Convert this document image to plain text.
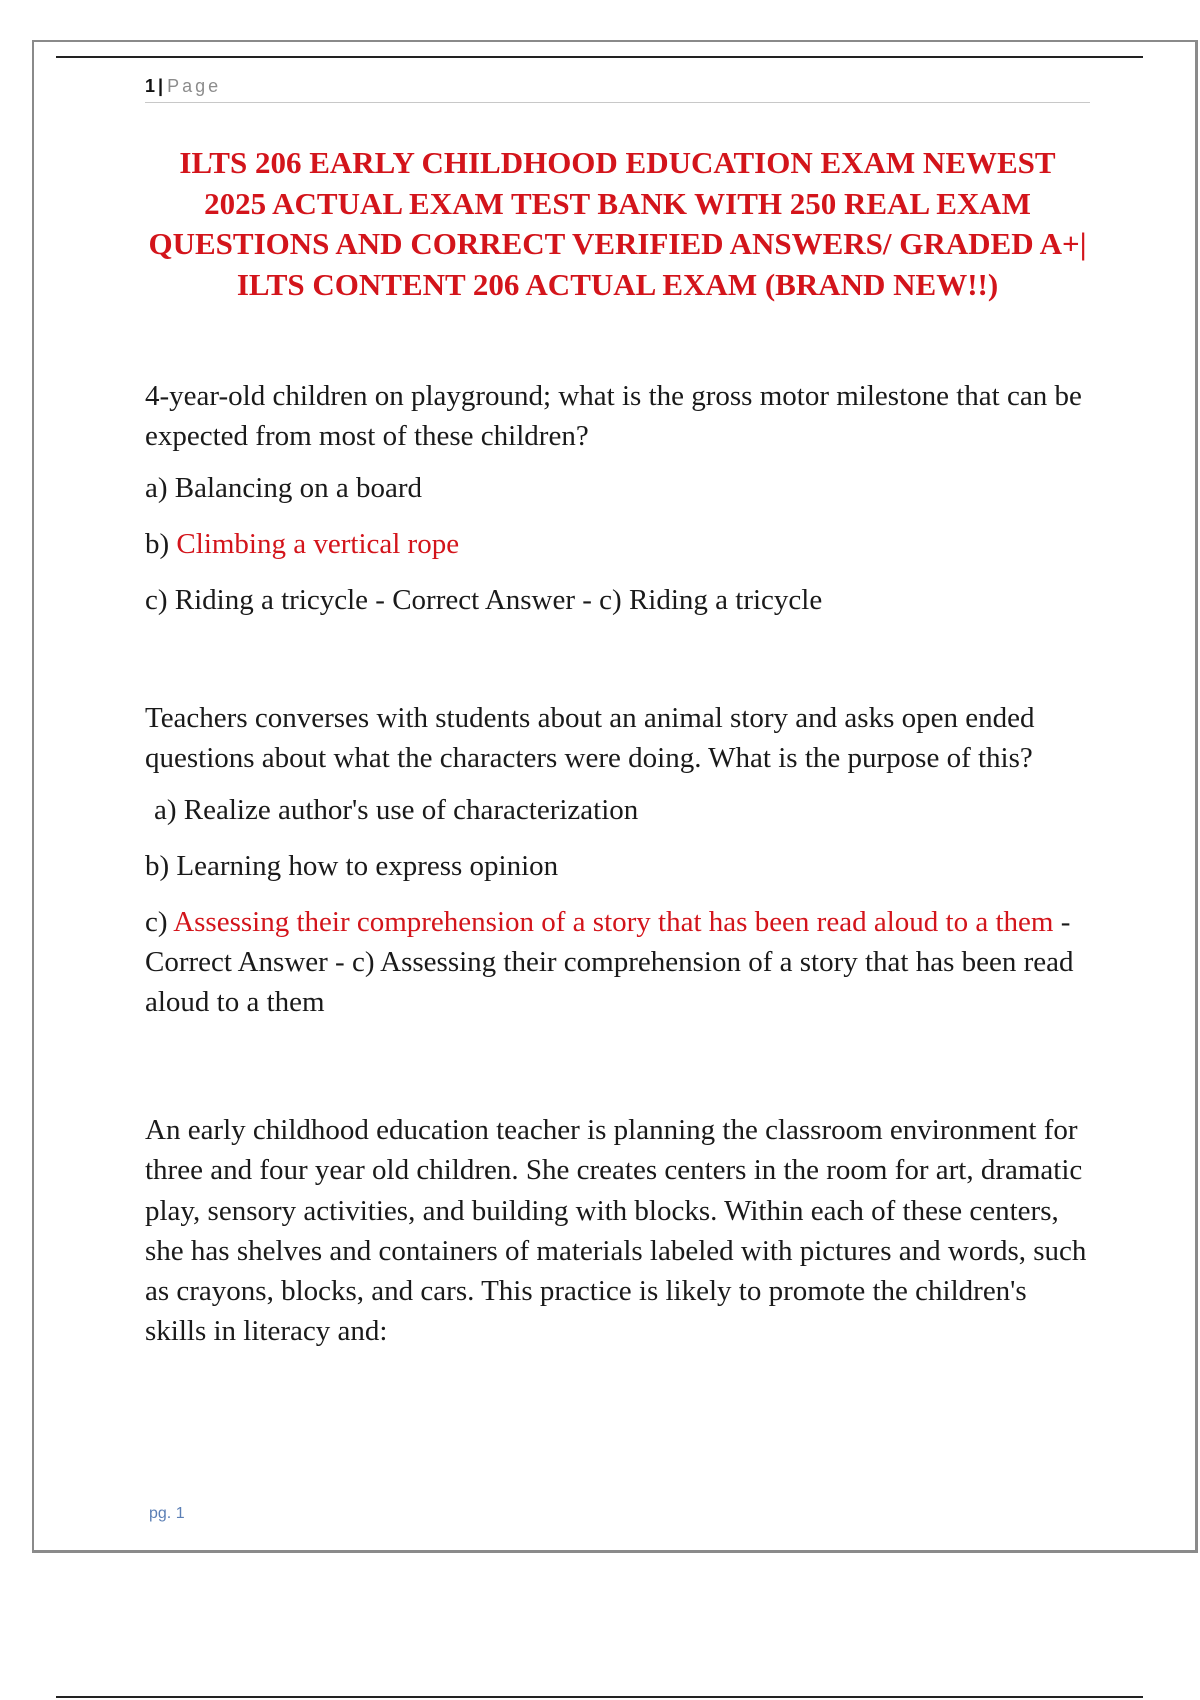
1 | Page
ILTS 206 EARLY CHILDHOOD EDUCATION EXAM NEWEST 2025 ACTUAL EXAM TEST BANK WITH 250 REAL EXAM QUESTIONS AND CORRECT VERIFIED ANSWERS/ GRADED A+| ILTS CONTENT 206 ACTUAL EXAM (BRAND NEW!!)

4-year-old children on playground; what is the gross motor milestone that can be expected from most of these children?

a) Balancing on a board

b) Climbing a vertical rope

c) Riding a tricycle - Correct Answer - c) Riding a tricycle

Teachers converses with students about an animal story and asks open ended questions about what the characters were doing. What is the purpose of this?

a) Realize author's use of characterization

b) Learning how to express opinion

c) Assessing their comprehension of a story that has been read aloud to a them - Correct Answer - c) Assessing their comprehension of a story that has been read aloud to a them

An early childhood education teacher is planning the classroom environment for three and four year old children. She creates centers in the room for art, dramatic play, sensory activities, and building with blocks. Within each of these centers, she has shelves and containers of materials labeled with pictures and words, such as crayons, blocks, and cars. This practice is likely to promote the children's skills in literacy and:

pg. 1
